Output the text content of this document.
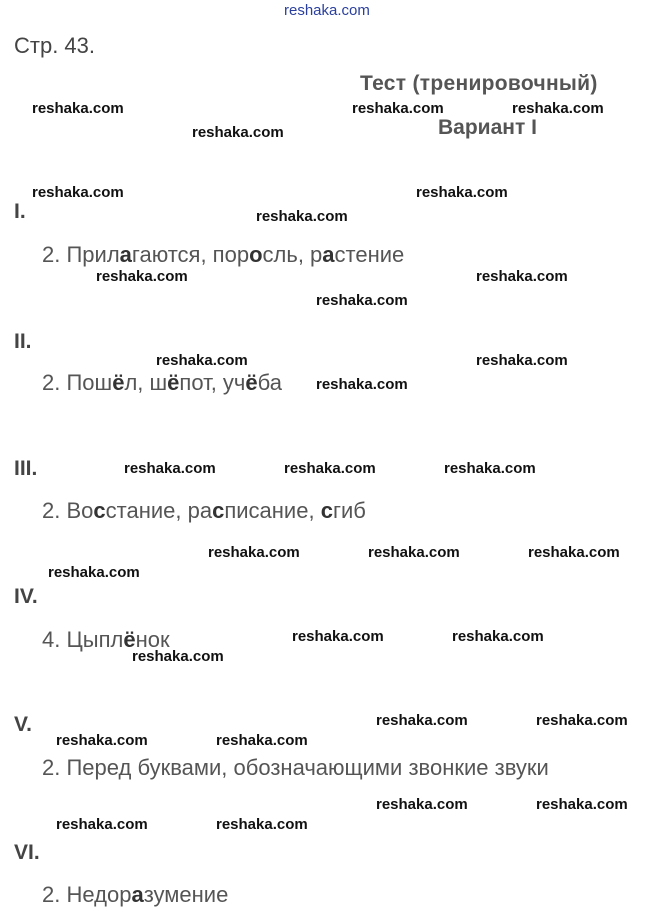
reshaka.com
Стр. 43.
Тест (тренировочный)
Вариант I
I.
2. Прилагаются, поросль, растение
II.
2. Пошёл, шёпот, учёба
III.
2. Восстание, расписание, сгиб
IV.
4. Цыплёнок
V.
2. Перед буквами, обозначающими звонкие звуки
VI.
2. Недоразумение
reshaka.com	reshaka.com	reshaka.com
reshaka.com
reshaka.com	reshaka.com
reshaka.com
reshaka.com	reshaka.com
reshaka.com
reshaka.com	reshaka.com
reshaka.com
reshaka.com	reshaka.com	reshaka.com
reshaka.com	reshaka.com	reshaka.com
reshaka.com
reshaka.com	reshaka.com
reshaka.com
reshaka.com	reshaka.com
reshaka.com	reshaka.com
reshaka.com	reshaka.com
reshaka.com	reshaka.com
